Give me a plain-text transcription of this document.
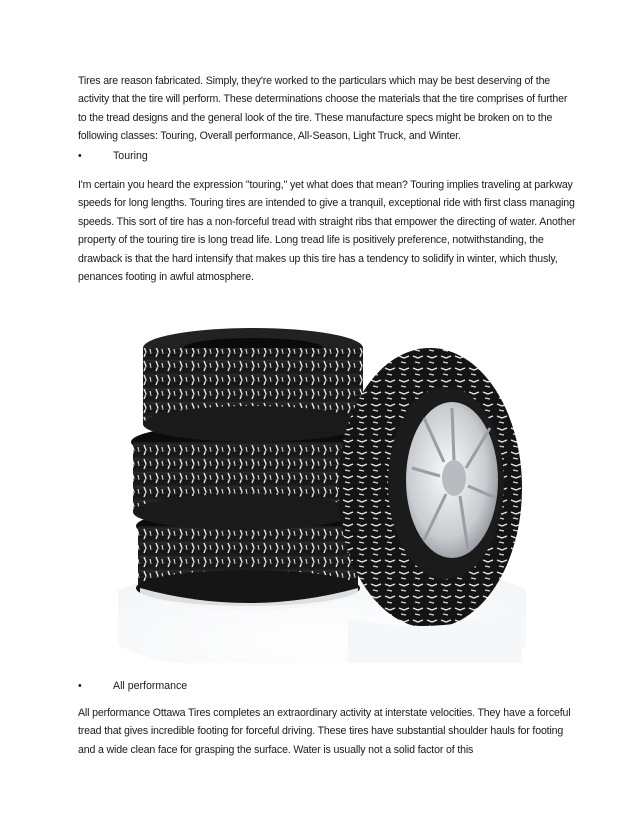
Tires are reason fabricated. Simply, they're worked to the particulars which may be best deserving of the activity that the tire will perform. These determinations choose the materials that the tire comprises of further to the tread designs and the general look of the tire. These manufacture specs might be broken on to the following classes: Touring, Overall performance, All-Season, Light Truck, and Winter.

•	Touring

I'm certain you heard the expression "touring," yet what does that mean? Touring implies traveling at parkway speeds for long lengths. Touring tires are intended to give a tranquil, exceptional ride with first class managing speeds. This sort of tire has a non-forceful tread with straight ribs that empower the directing of water. Another property of the touring tire is long tread life. Long tread life is positively preference, notwithstanding, the drawback is that the hard intensify that makes up this tire has a tendency to solidify in winter, which thusly, penances footing in awful atmosphere.

•	All performance

All performance Ottawa Tires completes an extraordinary activity at interstate velocities. They have a forceful tread that gives incredible footing for forceful driving. These tires have substantial shoulder hauls for footing and a wide clean face for grasping the surface. Water is usually not a solid factor of this
